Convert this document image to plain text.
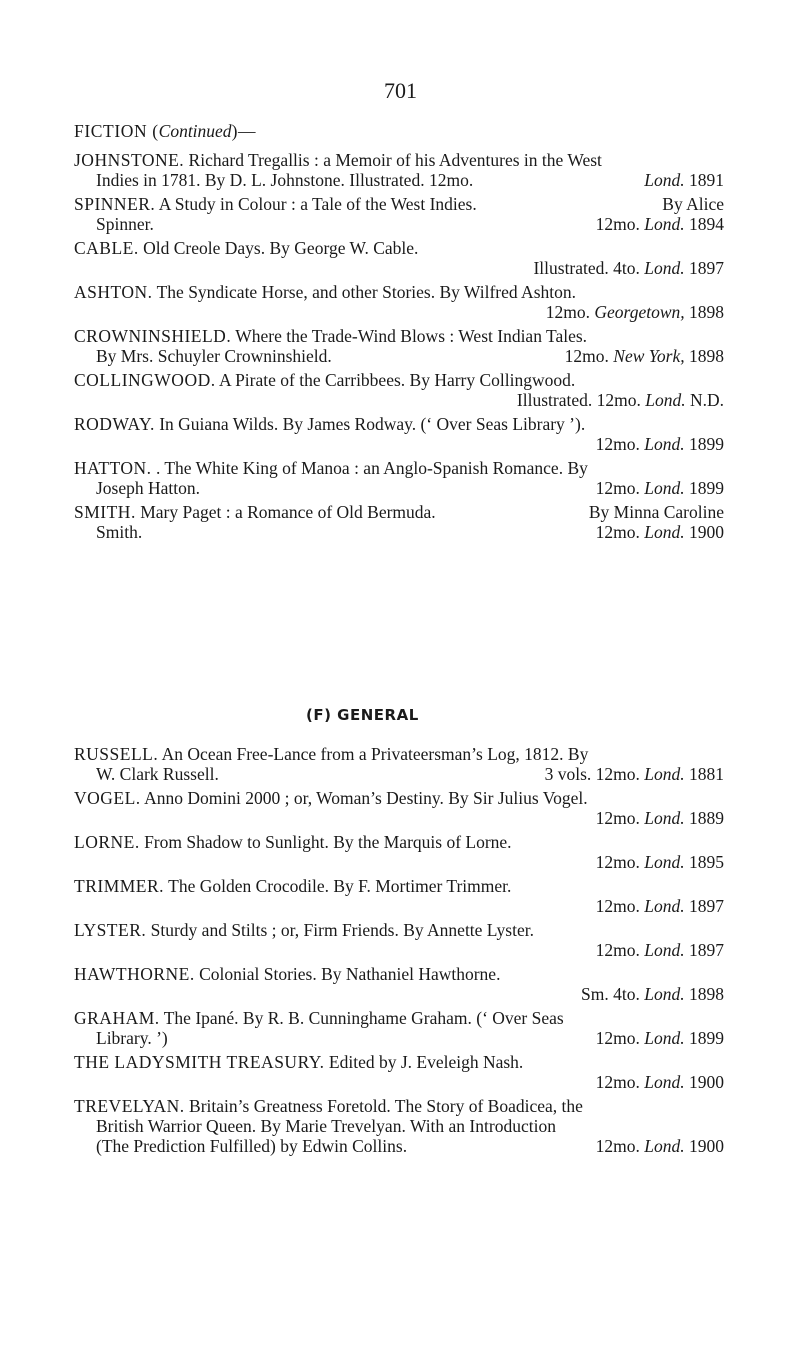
701
FICTION (Continued)—
JOHNSTONE. Richard Tregallis : a Memoir of his Adventures in the West
Indies in 1781. By D. L. Johnstone. Illustrated. 12mo.	Lond. 1891
SPINNER. A Study in Colour : a Tale of the West Indies.	By Alice
Spinner.	12mo. Lond. 1894
CABLE. Old Creole Days. By George W. Cable.
Illustrated. 4to. Lond. 1897
ASHTON. The Syndicate Horse, and other Stories. By Wilfred Ashton.
12mo. Georgetown, 1898
CROWNINSHIELD. Where the Trade-Wind Blows : West Indian Tales.
By Mrs. Schuyler Crowninshield.	12mo. New York, 1898
COLLINGWOOD. A Pirate of the Carribbees. By Harry Collingwood.
Illustrated. 12mo. Lond. N.D.
RODWAY. In Guiana Wilds. By James Rodway. (‘ Over Seas Library ’).
12mo. Lond. 1899
HATTON. . The White King of Manoa : an Anglo-Spanish Romance. By
Joseph Hatton.	12mo. Lond. 1899
SMITH. Mary Paget : a Romance of Old Bermuda.	By Minna Caroline
Smith.	12mo. Lond. 1900
(F) GENERAL
RUSSELL. An Ocean Free-Lance from a Privateersman’s Log, 1812. By
W. Clark Russell.	3 vols. 12mo. Lond. 1881
VOGEL. Anno Domini 2000 ; or, Woman’s Destiny. By Sir Julius Vogel.
12mo. Lond. 1889
LORNE. From Shadow to Sunlight. By the Marquis of Lorne.
12mo. Lond. 1895
TRIMMER. The Golden Crocodile. By F. Mortimer Trimmer.
12mo. Lond. 1897
LYSTER. Sturdy and Stilts ; or, Firm Friends. By Annette Lyster.
12mo. Lond. 1897
HAWTHORNE. Colonial Stories. By Nathaniel Hawthorne.
Sm. 4to. Lond. 1898
GRAHAM. The Ipané. By R. B. Cunninghame Graham. (‘ Over Seas
Library. ’)	12mo. Lond. 1899
THE LADYSMITH TREASURY. Edited by J. Eveleigh Nash.
12mo. Lond. 1900
TREVELYAN. Britain’s Greatness Foretold. The Story of Boadicea, the
British Warrior Queen. By Marie Trevelyan. With an Introduction
(The Prediction Fulfilled) by Edwin Collins.	12mo. Lond. 1900
